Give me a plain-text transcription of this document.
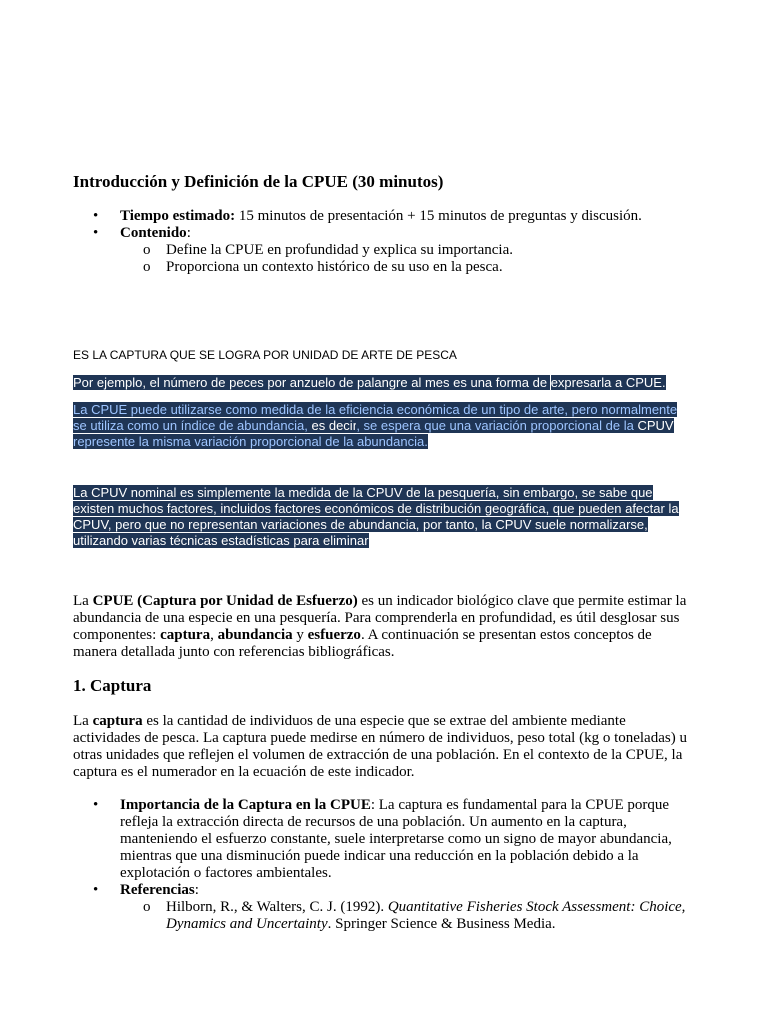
Introducción y Definición de la CPUE (30 minutos)
• Tiempo estimado: 15 minutos de presentación + 15 minutos de preguntas y discusión.
• Contenido:
o Define la CPUE en profundidad y explica su importancia.
o Proporciona un contexto histórico de su uso en la pesca.
ES LA CAPTURA QUE SE LOGRA POR UNIDAD DE ARTE DE PESCA
Por ejemplo, el número de peces por anzuelo de palangre al mes es una forma de expresarla a CPUE.
La CPUE puede utilizarse como medida de la eficiencia económica de un tipo de arte, pero normalmente se utiliza como un índice de abundancia, es decir, se espera que una variación proporcional de la CPUV represente la misma variación proporcional de la abundancia.
La CPUV nominal es simplemente la medida de la CPUV de la pesquería, sin embargo, se sabe que existen muchos factores, incluidos factores económicos de distribución geográfica, que pueden afectar la CPUV, pero que no representan variaciones de abundancia, por tanto, la CPUV suele normalizarse, utilizando varias técnicas estadísticas para eliminar

La CPUE (Captura por Unidad de Esfuerzo) es un indicador biológico clave que permite estimar la abundancia de una especie en una pesquería. Para comprenderla en profundidad, es útil desglosar sus componentes: captura, abundancia y esfuerzo. A continuación se presentan estos conceptos de manera detallada junto con referencias bibliográficas.

1. Captura

La captura es la cantidad de individuos de una especie que se extrae del ambiente mediante actividades de pesca. La captura puede medirse en número de individuos, peso total (kg o toneladas) u otras unidades que reflejen el volumen de extracción de una población. En el contexto de la CPUE, la captura es el numerador en la ecuación de este indicador.

• Importancia de la Captura en la CPUE: La captura es fundamental para la CPUE porque refleja la extracción directa de recursos de una población. Un aumento en la captura, manteniendo el esfuerzo constante, suele interpretarse como un signo de mayor abundancia, mientras que una disminución puede indicar una reducción en la población debido a la explotación o factores ambientales.
• Referencias:
o Hilborn, R., & Walters, C. J. (1992). Quantitative Fisheries Stock Assessment: Choice, Dynamics and Uncertainty. Springer Science & Business Media.
